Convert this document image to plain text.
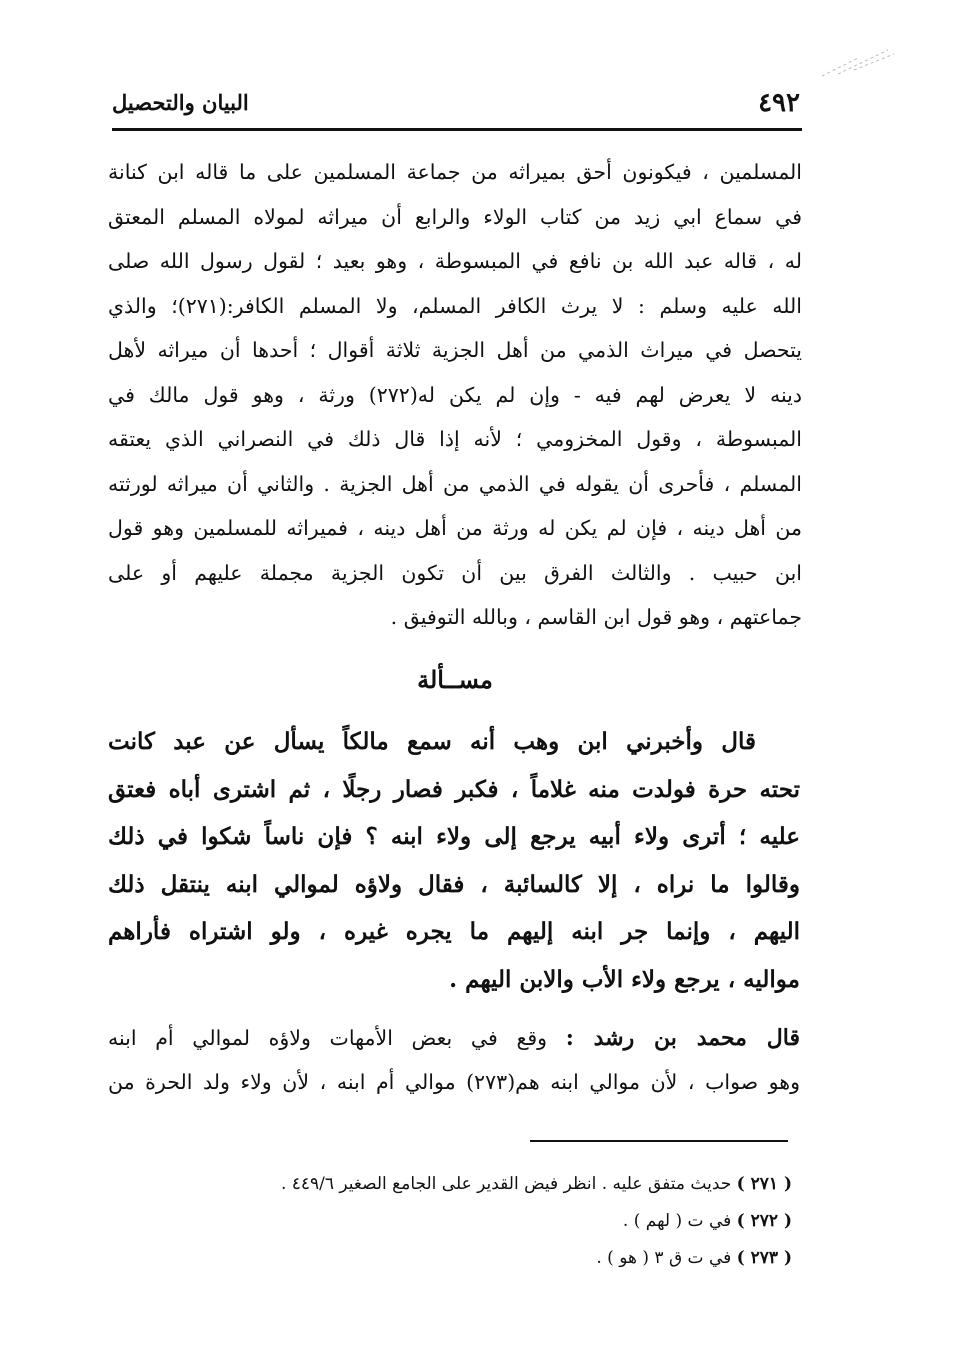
٤٩٢
البيان والتحصيل
المسلمين ، فيكونون أحق بميراثه من جماعة المسلمين على ما قاله ابن كنانة
في سماع ابي زيد من كتاب الولاء والرابع أن ميراثه لمولاه المسلم المعتق
له ، قاله عبد الله بن نافع في المبسوطة ، وهو بعيد ؛ لقول رسول الله صلى
الله عليه وسلم : لا يرث الكافر المسلم، ولا المسلم الكافر:(٢٧١)؛ والذي
يتحصل في ميراث الذمي من أهل الجزية ثلاثة أقوال ؛ أحدها أن ميراثه لأهل
دينه لا يعرض لهم فيه - وإن لم يكن له(٢٧٢) ورثة ، وهو قول مالك في
المبسوطة ، وقول المخزومي ؛ لأنه إذا قال ذلك في النصراني الذي يعتقه
المسلم ، فأحرى أن يقوله في الذمي من أهل الجزية . والثاني أن ميراثه لورثته
من أهل دينه ، فإن لم يكن له ورثة من أهل دينه ، فميراثه للمسلمين وهو قول
ابن حبيب . والثالث الفرق بين أن تكون الجزية مجملة عليهم أو على
جماعتهم ، وهو قول ابن القاسم ، وبالله التوفيق .
مســألة
قال وأخبرني ابن وهب أنه سمع مالكاً يسأل عن عبد كانت
تحته حرة فولدت منه غلاماً ، فكبر فصار رجلًا ، ثم اشترى أباه فعتق
عليه ؛ أترى ولاء أبيه يرجع إلى ولاء ابنه ؟ فإن ناساً شكوا في ذلك
وقالوا ما نراه ، إلا كالسائبة ، فقال ولاؤه لموالي ابنه ينتقل ذلك
اليهم ، وإنما جر ابنه إليهم ما يجره غيره ، ولو اشتراه فأراهم
مواليه ، يرجع ولاء الأب والابن اليهم .
قال محمد بن رشد : وقع في بعض الأمهات ولاؤه لموالي أم ابنه
وهو صواب ، لأن موالي ابنه هم(٢٧٣) موالي أم ابنه ، لأن ولاء ولد الحرة من
( ٢٧١ ) حديث متفق عليه . انظر فيض القدير على الجامع الصغير ٤٤٩/٦ .
( ٢٧٢ ) في ت ( لهم ) .
( ٢٧٣ ) في ت ق ٣ ( هو ) .
